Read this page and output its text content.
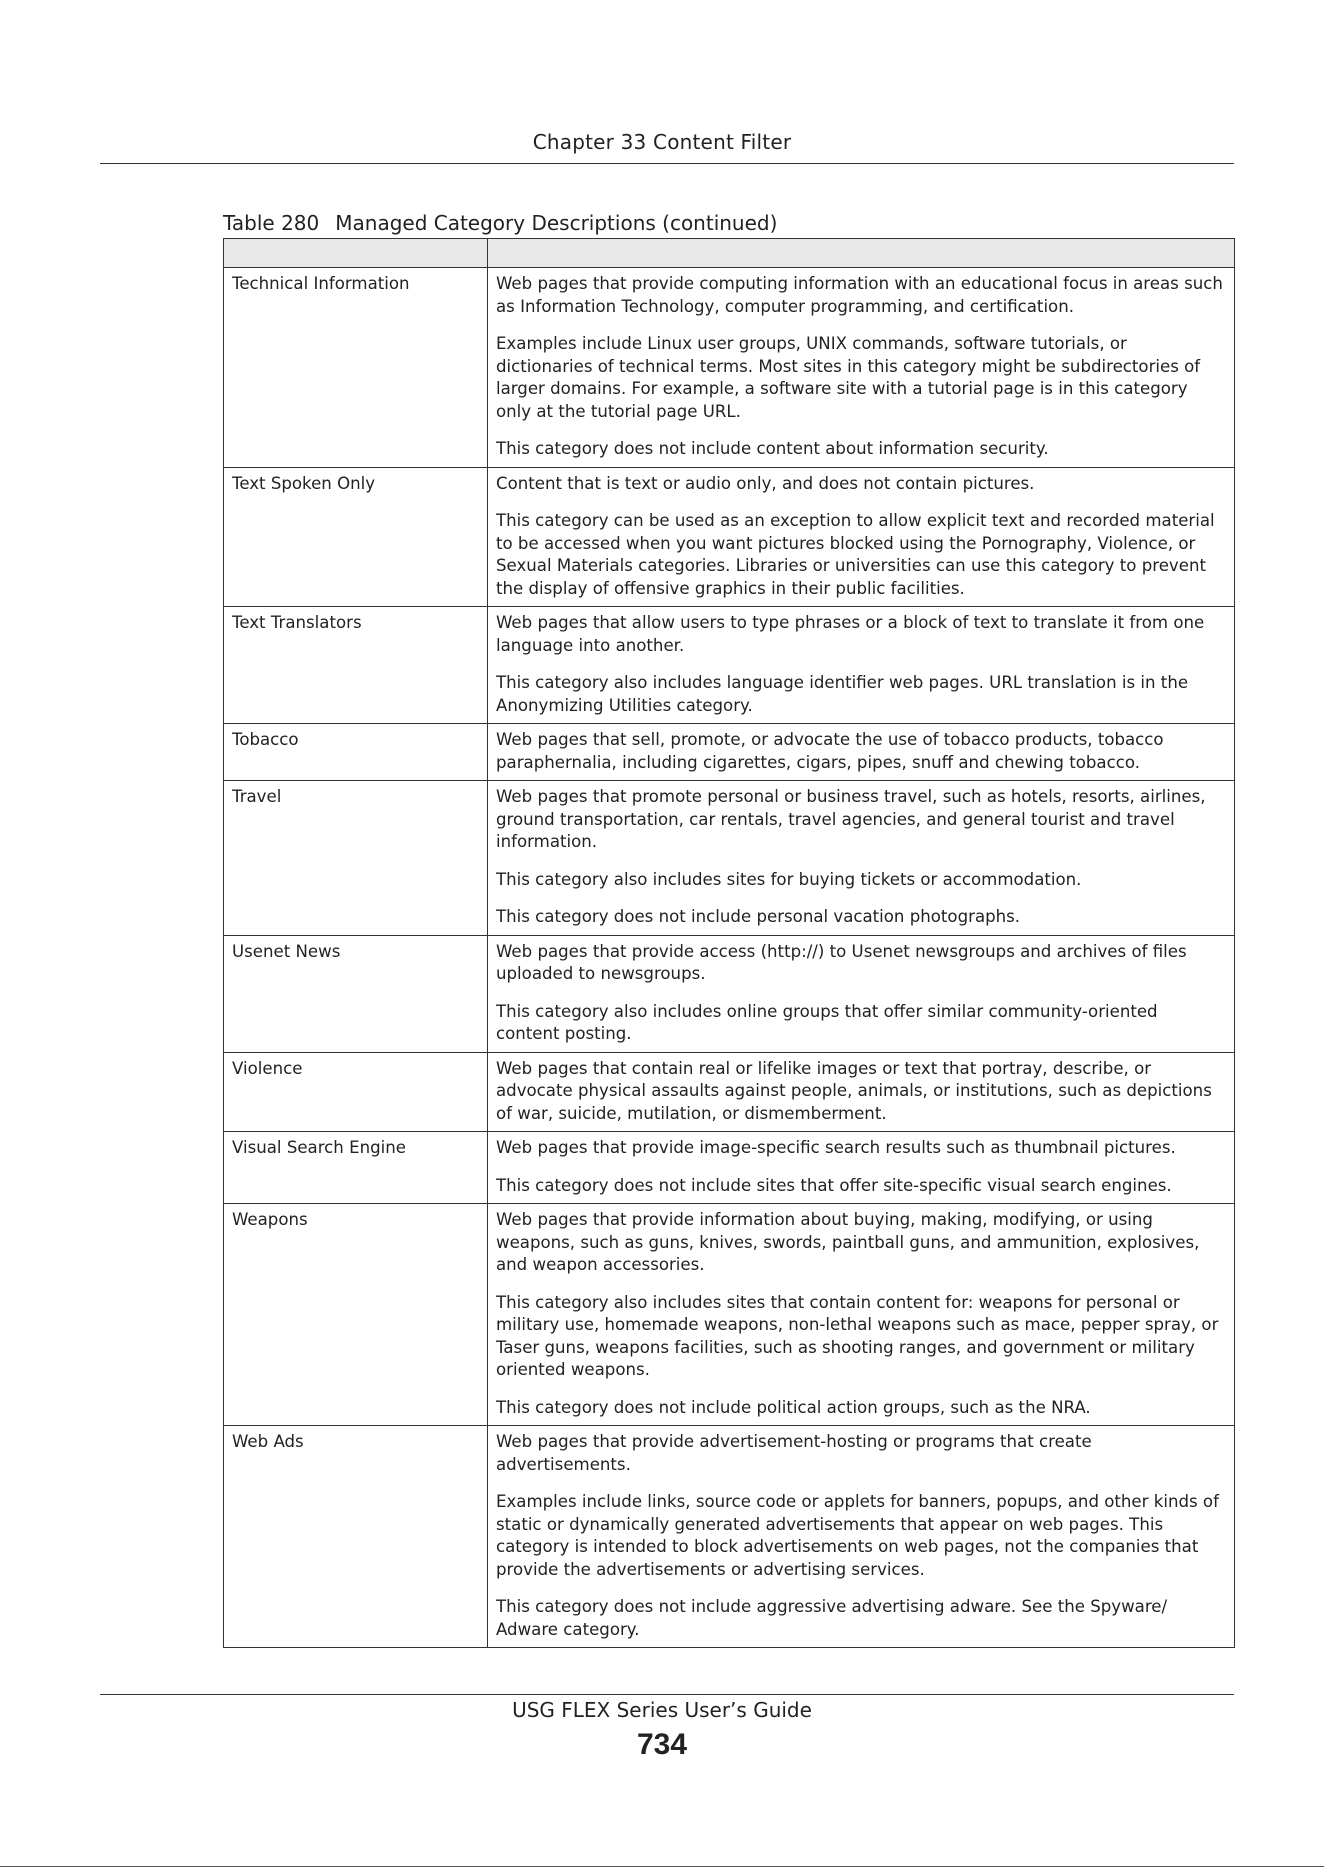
Chapter 33 Content Filter
Table 280 Managed Category Descriptions (continued)

Technical Information	Web pages that provide computing information with an educational focus in areas such as Information Technology, computer programming, and certification.
Examples include Linux user groups, UNIX commands, software tutorials, or dictionaries of technical terms. Most sites in this category might be subdirectories of larger domains. For example, a software site with a tutorial page is in this category only at the tutorial page URL.
This category does not include content about information security.

Text Spoken Only	Content that is text or audio only, and does not contain pictures.
This category can be used as an exception to allow explicit text and recorded material to be accessed when you want pictures blocked using the Pornography, Violence, or Sexual Materials categories. Libraries or universities can use this category to prevent the display of offensive graphics in their public facilities.

Text Translators	Web pages that allow users to type phrases or a block of text to translate it from one language into another.
This category also includes language identifier web pages. URL translation is in the Anonymizing Utilities category.

Tobacco	Web pages that sell, promote, or advocate the use of tobacco products, tobacco paraphernalia, including cigarettes, cigars, pipes, snuff and chewing tobacco.

Travel	Web pages that promote personal or business travel, such as hotels, resorts, airlines, ground transportation, car rentals, travel agencies, and general tourist and travel information.
This category also includes sites for buying tickets or accommodation.
This category does not include personal vacation photographs.

Usenet News	Web pages that provide access (http://) to Usenet newsgroups and archives of files uploaded to newsgroups.
This category also includes online groups that offer similar community-oriented content posting.

Violence	Web pages that contain real or lifelike images or text that portray, describe, or advocate physical assaults against people, animals, or institutions, such as depictions of war, suicide, mutilation, or dismemberment.

Visual Search Engine	Web pages that provide image-specific search results such as thumbnail pictures.
This category does not include sites that offer site-specific visual search engines.

Weapons	Web pages that provide information about buying, making, modifying, or using weapons, such as guns, knives, swords, paintball guns, and ammunition, explosives, and weapon accessories.
This category also includes sites that contain content for: weapons for personal or military use, homemade weapons, non-lethal weapons such as mace, pepper spray, or Taser guns, weapons facilities, such as shooting ranges, and government or military oriented weapons.
This category does not include political action groups, such as the NRA.

Web Ads	Web pages that provide advertisement-hosting or programs that create advertisements.
Examples include links, source code or applets for banners, popups, and other kinds of static or dynamically generated advertisements that appear on web pages. This category is intended to block advertisements on web pages, not the companies that provide the advertisements or advertising services.
This category does not include aggressive advertising adware. See the Spyware/ Adware category.
USG FLEX Series User’s Guide
734
